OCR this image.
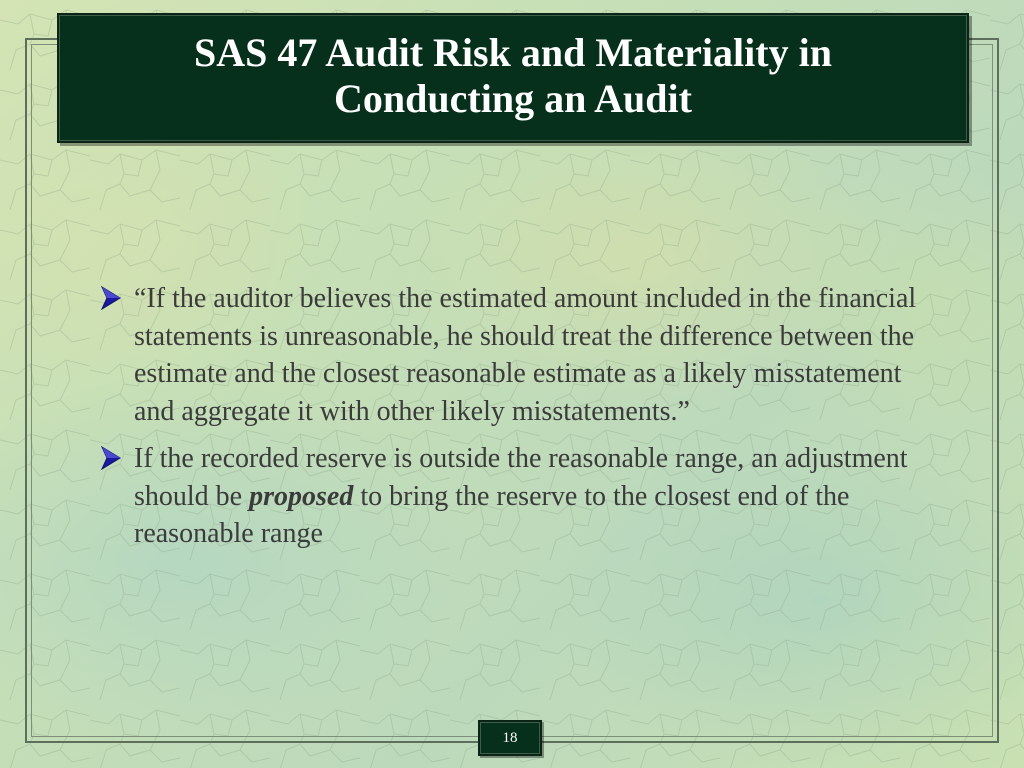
SAS 47 Audit Risk and Materiality in Conducting an Audit
“If the auditor believes the estimated amount included in the financial statements is unreasonable, he should treat the difference between the estimate and the closest reasonable estimate as a likely misstatement and aggregate it with other likely misstatements.”
If the recorded reserve is outside the reasonable range, an adjustment should be proposed to bring the reserve to the closest end of the reasonable range
18
